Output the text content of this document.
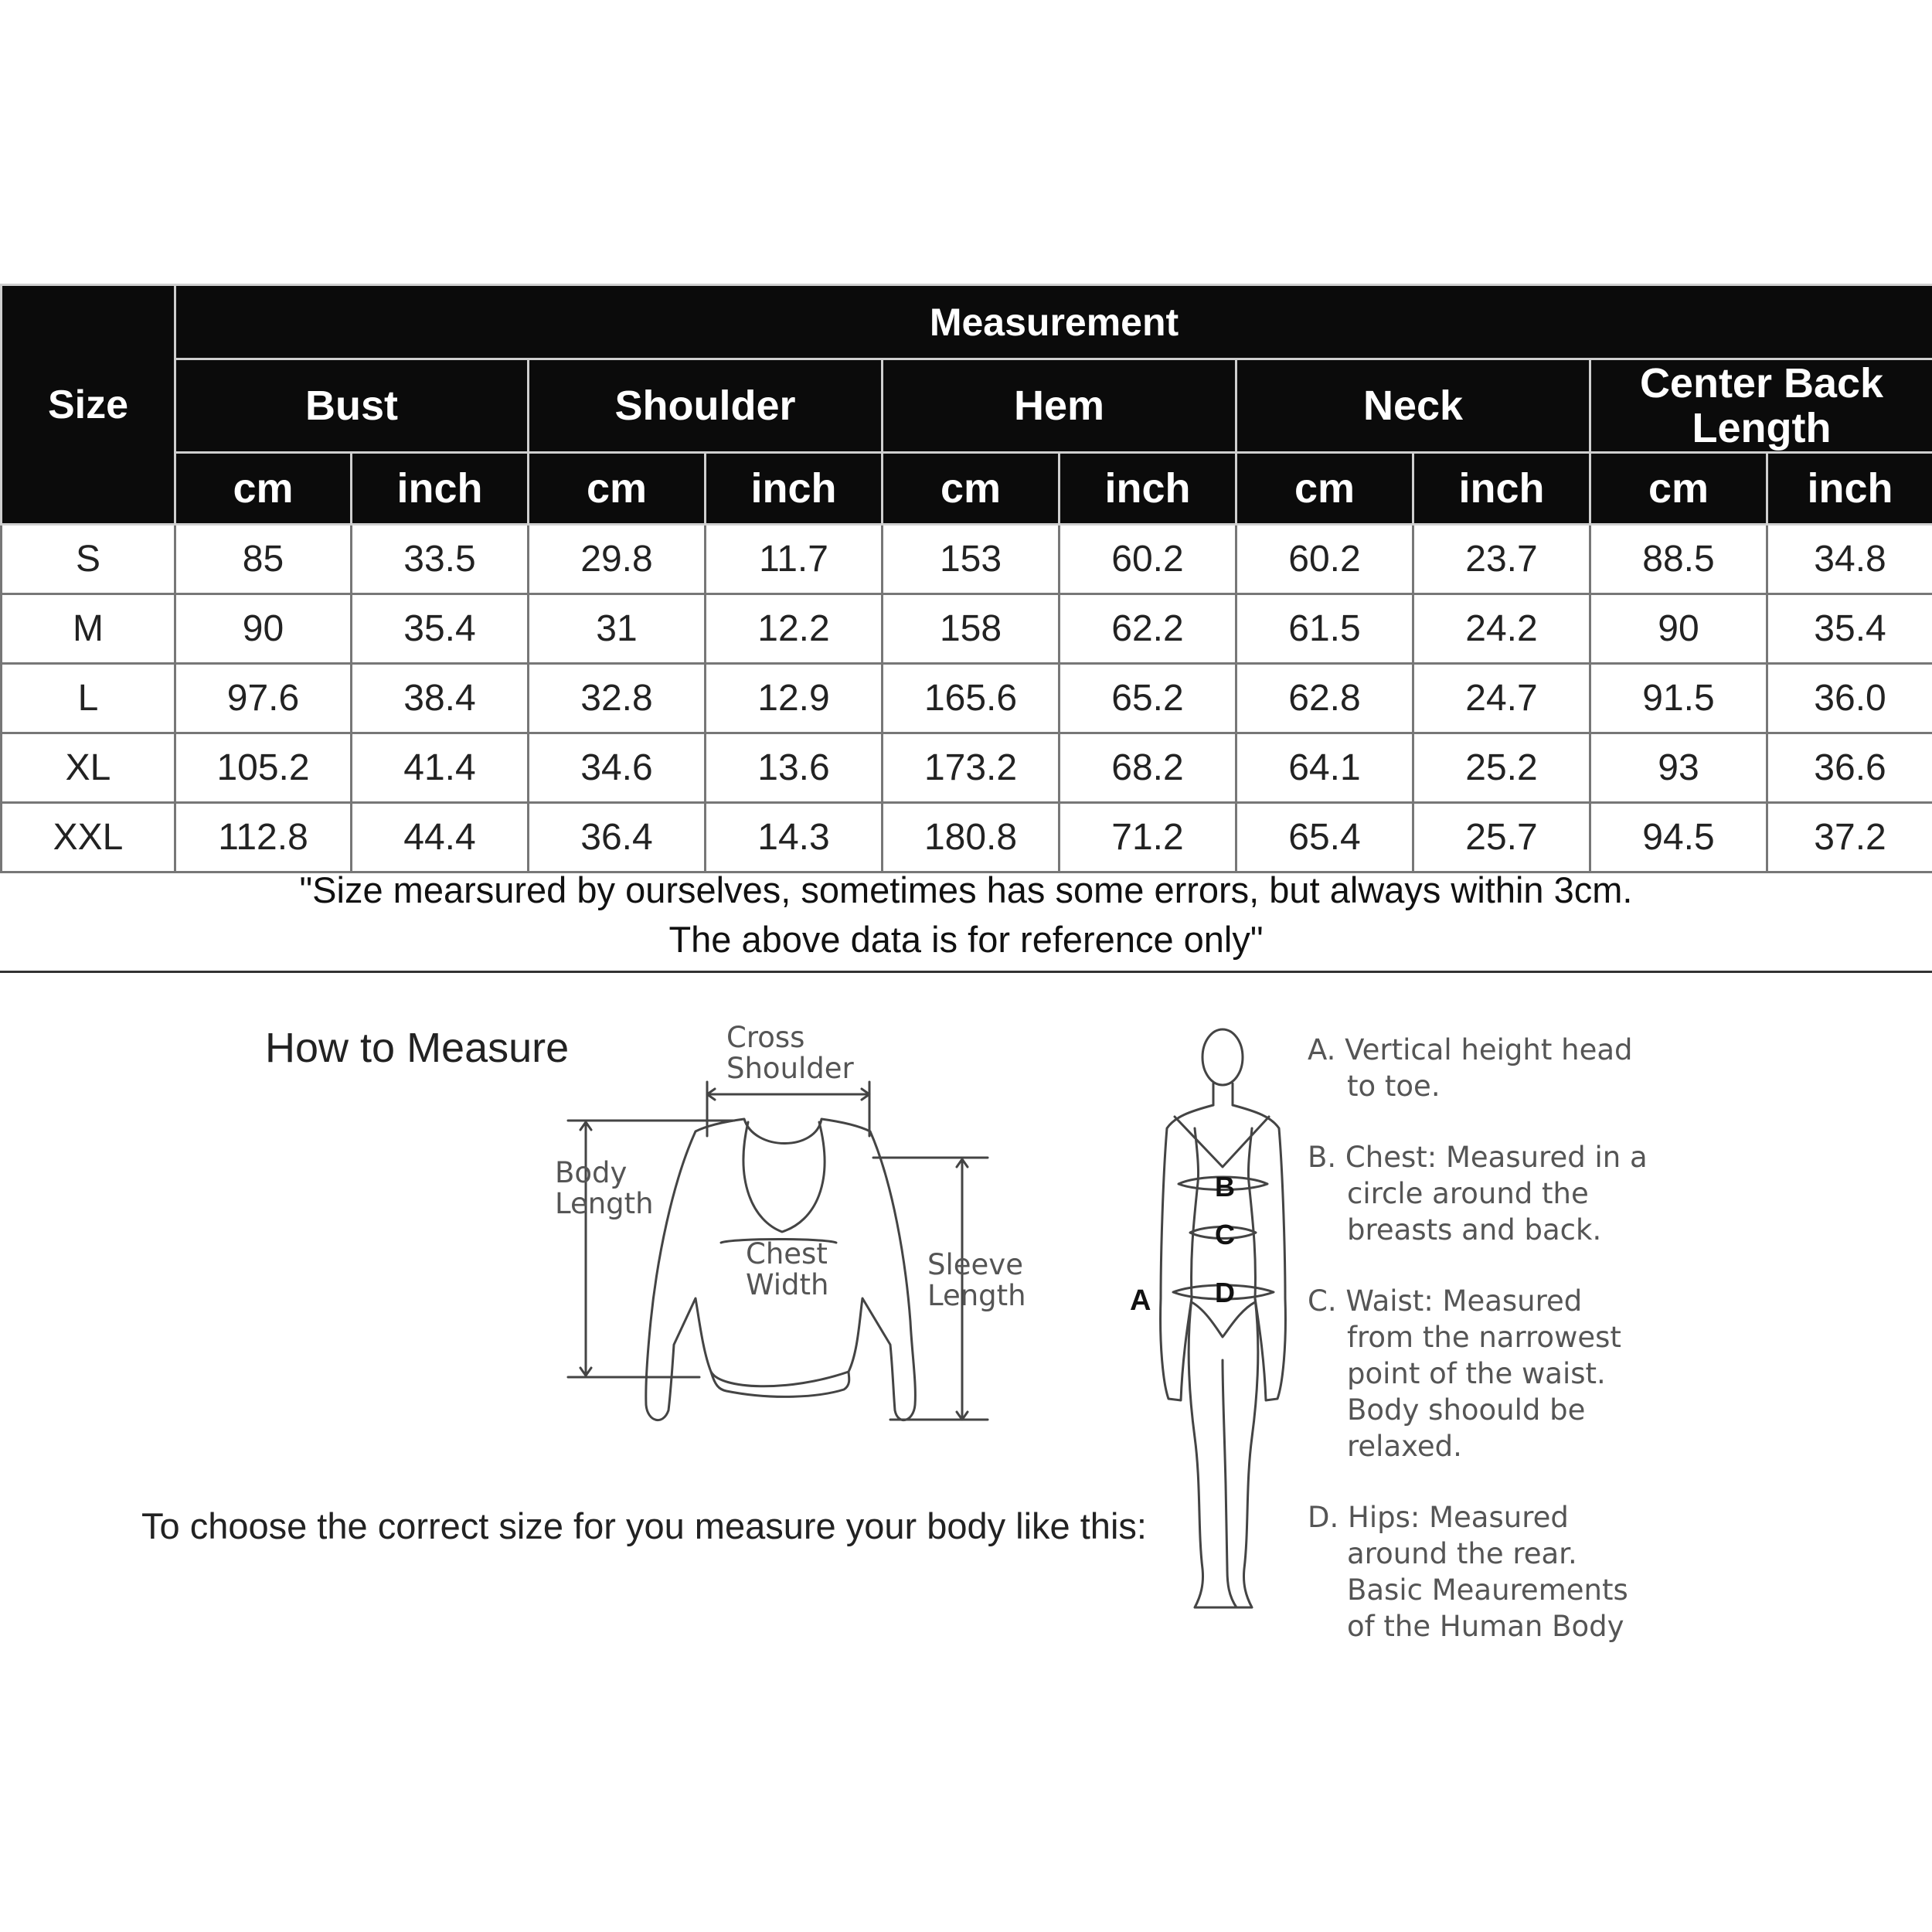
Size	Measurement									
	Bust		Shoulder		Hem		Neck		Center Back Length	
	cm	inch	cm	inch	cm	inch	cm	inch	cm	inch
S	85	33.5	29.8	11.7	153	60.2	60.2	23.7	88.5	34.8
M	90	35.4	31	12.2	158	62.2	61.5	24.2	90	35.4
L	97.6	38.4	32.8	12.9	165.6	65.2	62.8	24.7	91.5	36.0
XL	105.2	41.4	34.6	13.6	173.2	68.2	64.1	25.2	93	36.6
XXL	112.8	44.4	36.4	14.3	180.8	71.2	65.4	25.7	94.5	37.2
"Size mearsured by ourselves, sometimes has some errors, but always within 3cm.
The above data is for reference only"
How to Measure	Cross
Shoulder
Body
Length
Chest
Width
Sleeve
Length
To choose the correct size for you measure your body like this:
A
B
C
D
A. Vertical height head
to toe.
B. Chest: Measured in a
circle around the
breasts and back.
C. Waist: Measured
from the narrowest
point of the waist.
Body shoould be
relaxed.
D. Hips: Measured
around the rear.
Basic Meaurements
of the Human Body
